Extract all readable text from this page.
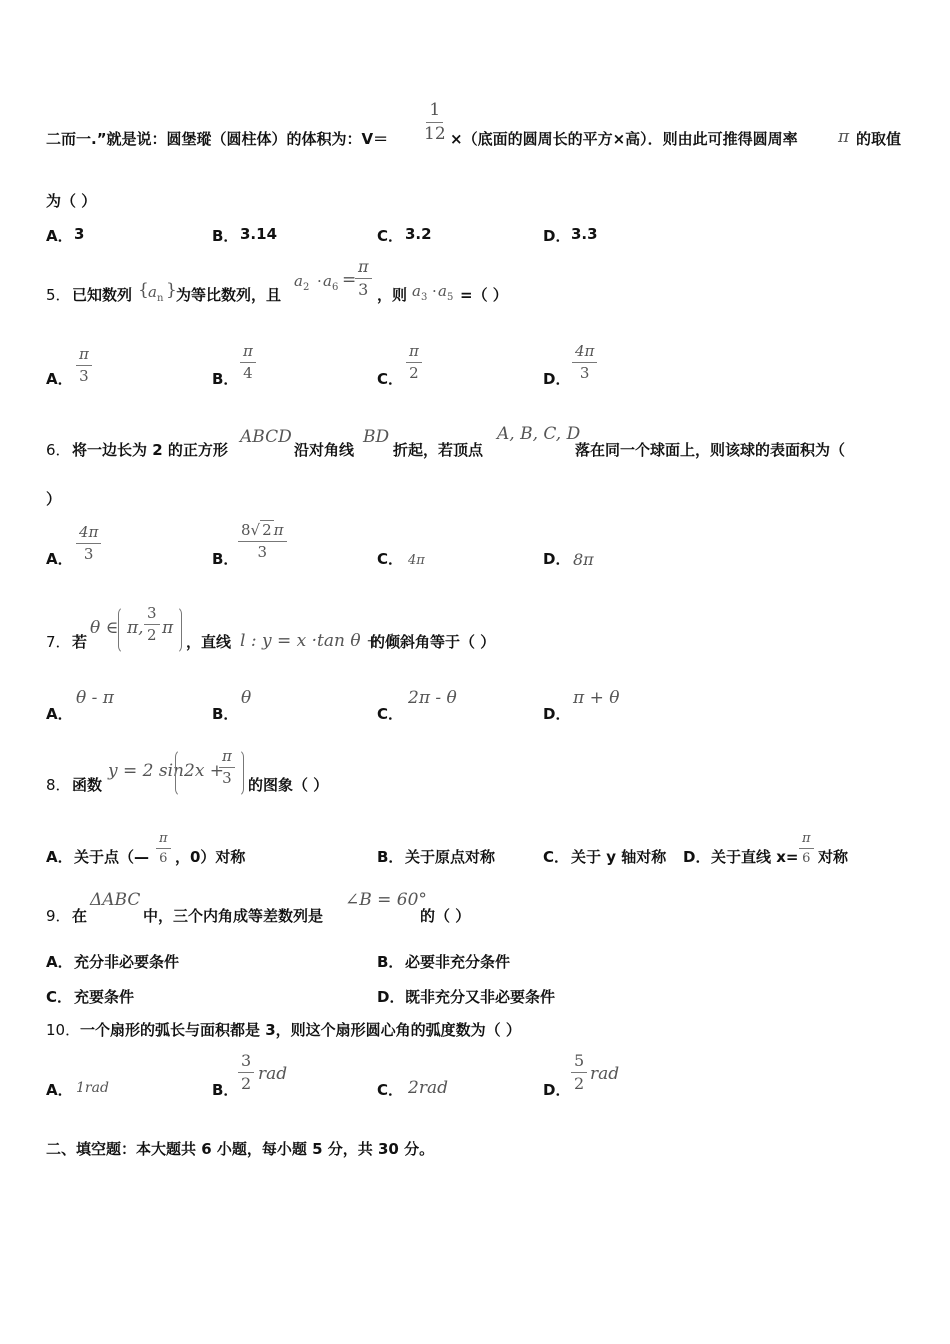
二而一.”就是说：圆堡瑽（圆柱体）的体积为：$V= \frac{1}{12}$ ×（底面的圆周长的平方×高）．则由此可推得圆周率 π 的取值
为（ ）
A． 3	B． 3.14	C． 3.2	D． 3.3
5． 已知数列 { $a_n$ } 为等比数列，且
$a_2 \cdot a_6$ =
$\frac{\pi}{3}$ ，则 $a_3 \cdot a_5$ =（ ）
A． $\frac{\pi}{3}$	B． $\frac{\pi}{4}$	C． $\frac{\pi}{2}$	D． $\frac{4\pi}{3}$
6． 将一边长为 2 的正方形
ABCD
沿对角线
BD
折起，若顶点
A, B, C, D
落在同一个球面上，则该球的表面积为（
）
A． $\frac{4\pi}{3}$	B． $\frac{8√ 2 \pi}{3}$	C． 4π	D． 8π
7． 若
θ ∈ π, $\frac{3}{2}$ π
，直线 l : y = x ·tan θ + 1
的倾斜角等于（ ）
A．
θ - π
B．
θ
C．
2π - θ
D．
π + θ
8． 函数
y = 2 sin 2x +
$\frac{\pi}{3}$ 的图象（ ）
A． 关于点（— $\frac{\pi}{6}$ ，0）对称	B． 关于原点对称	C． 关于 y 轴对称 D． 关于直线 $x= \frac{\pi}{6}$ 对称
9． 在
ΔABC
中，三个内角成等差数列是
∠B = 60°
的（ ）
A． 充分非必要条件	B． 必要非充分条件
C． 充要条件	D． 既非充分又非必要条件
10． 一个扇形的弧长与面积都是 3，则这个扇形圆心角的弧度数为（ ）
A． 1rad	B． $\frac{3}{2}$ rad
C． 2rad	D． $\frac{5}{2}$ rad
二、填空题：本大题共 6 小题，每小题 5 分，共 30 分。
